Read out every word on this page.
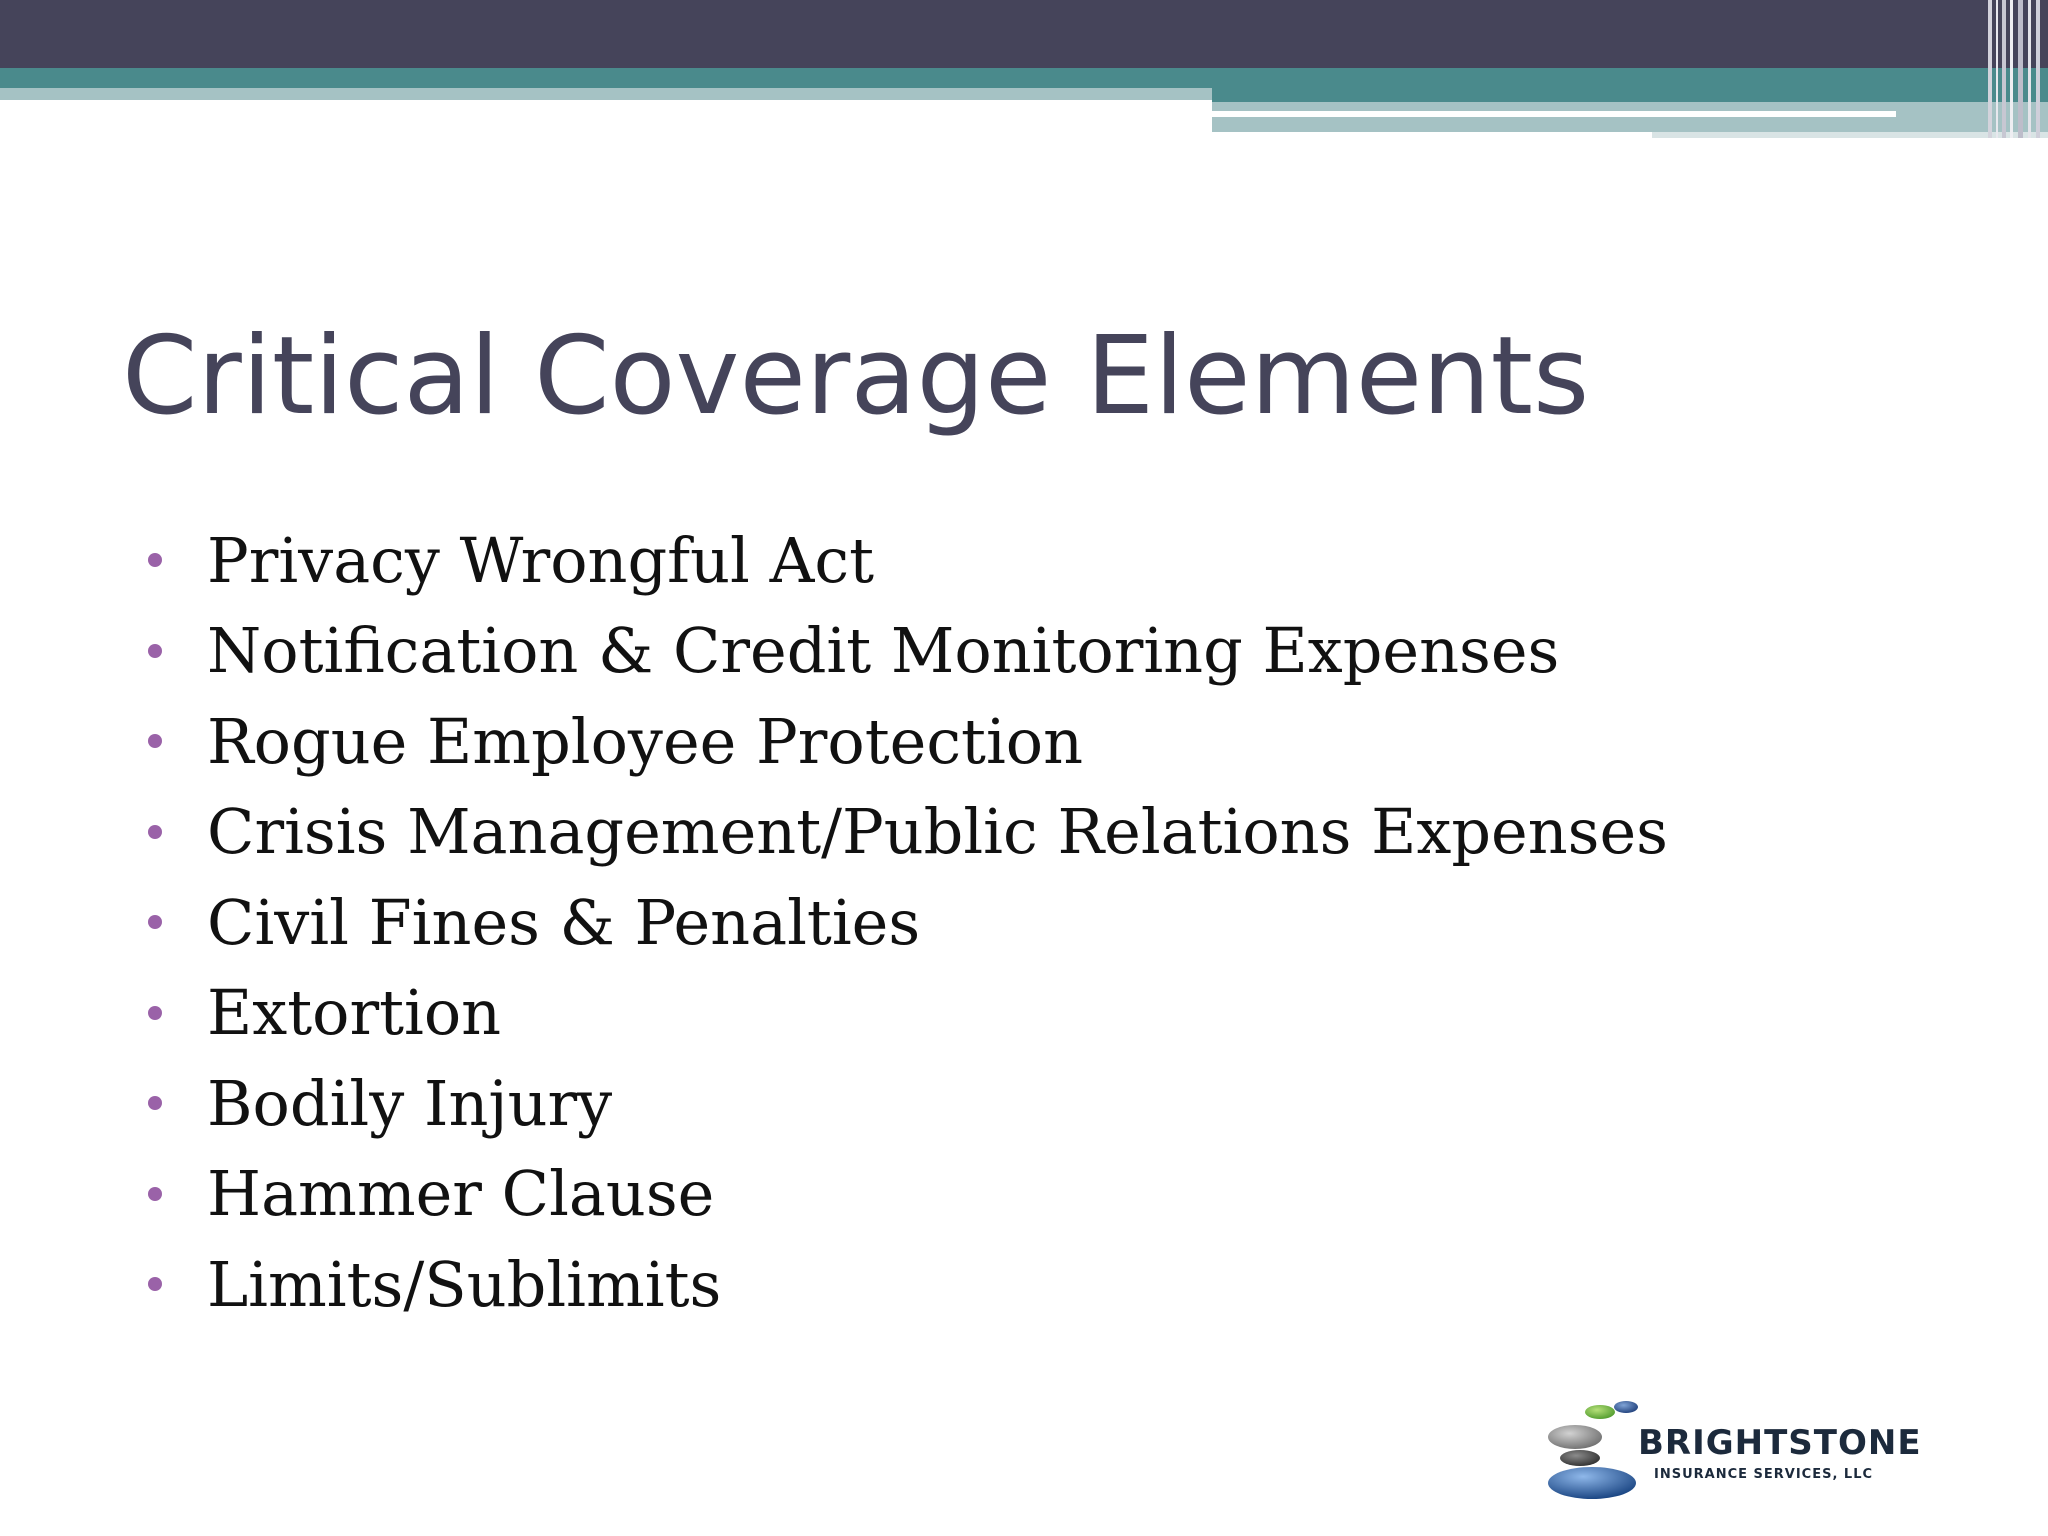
Critical Coverage Elements
Privacy Wrongful Act
Notification & Credit Monitoring Expenses
Rogue Employee Protection
Crisis Management/Public Relations Expenses
Civil Fines & Penalties
Extortion
Bodily Injury
Hammer Clause
Limits/Sublimits
BRIGHTSTONE
INSURANCE SERVICES, LLC
